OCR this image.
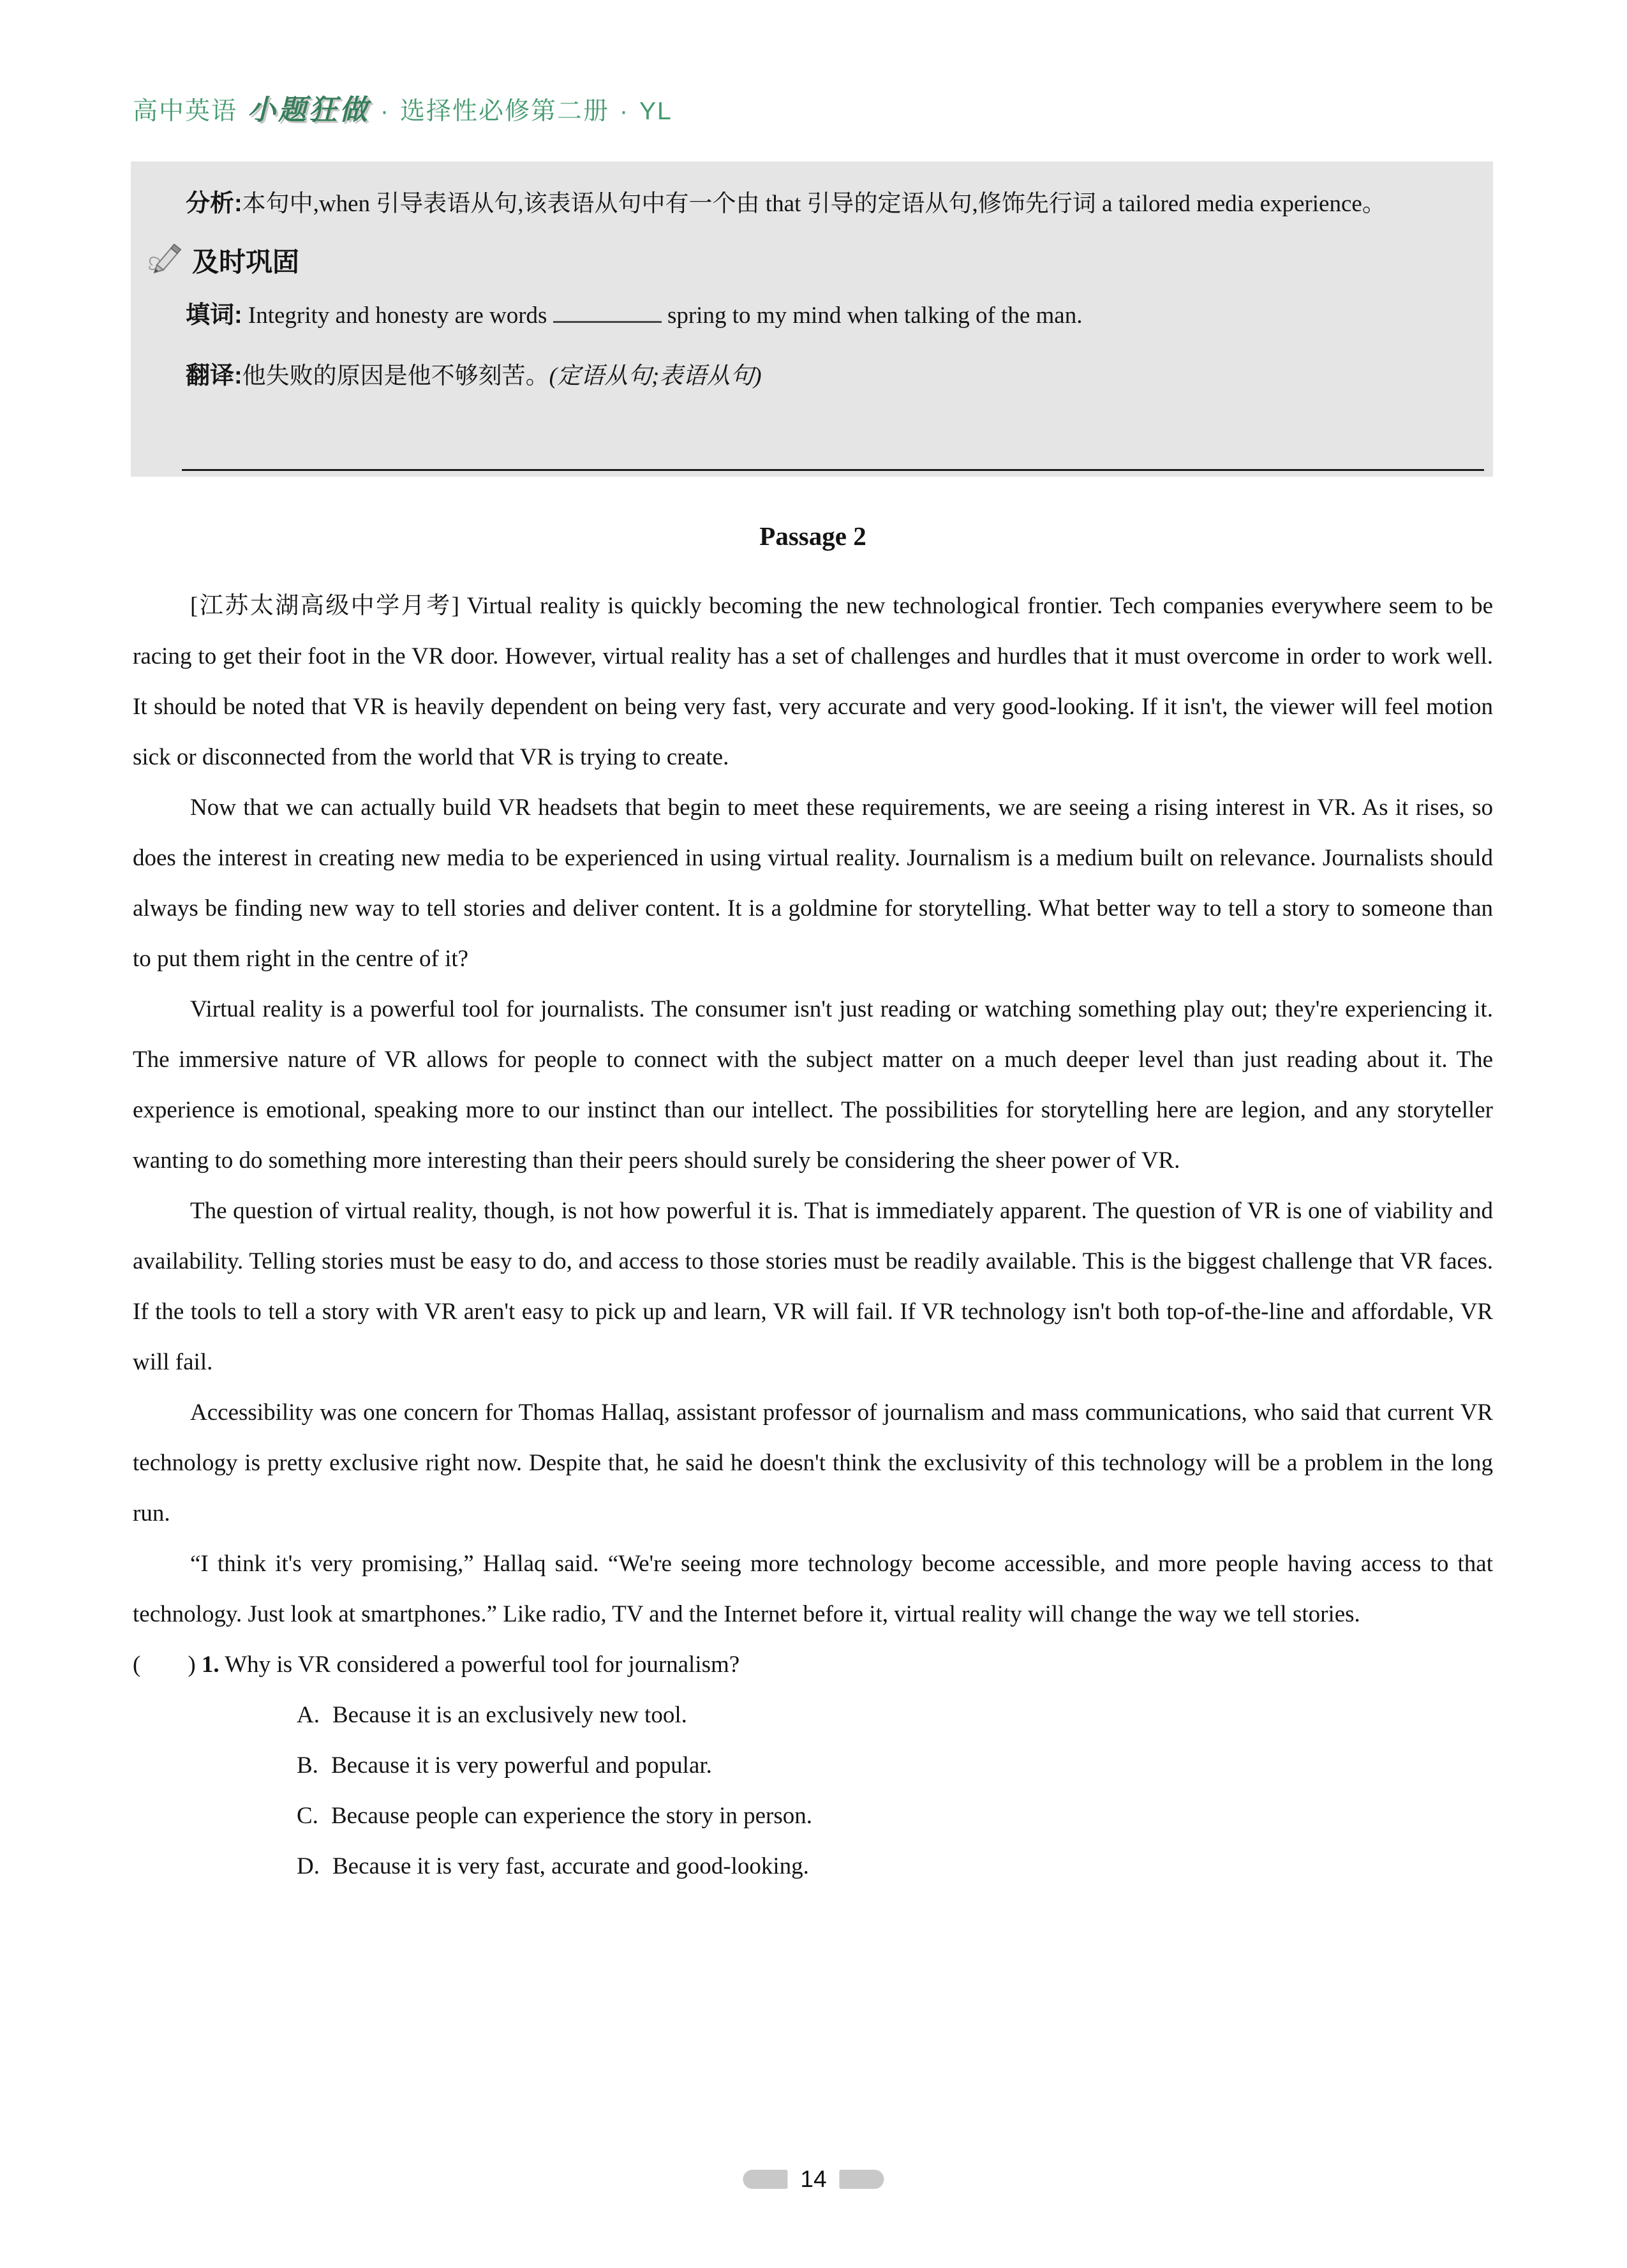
高中英语 小题狂做 · 选择性必修第二册 · YL

分析:本句中,when 引导表语从句,该表语从句中有一个由 that 引导的定语从句,修饰先行词 a tailored media experience。

及时巩固

填词: Integrity and honesty are words	spring to my mind when talking of the man.

翻译:他失败的原因是他不够刻苦。(定语从句;表语从句)

Passage 2

[江苏太湖高级中学月考] Virtual reality is quickly becoming the new technological frontier. Tech companies everywhere seem to be racing to get their foot in the VR door. However, virtual reality has a set of challenges and hurdles that it must overcome in order to work well. It should be noted that VR is heavily dependent on being very fast, very accurate and very good-looking. If it isn't, the viewer will feel motion sick or disconnected from the world that VR is trying to create.

Now that we can actually build VR headsets that begin to meet these requirements, we are seeing a rising interest in VR. As it rises, so does the interest in creating new media to be experienced in using virtual reality. Journalism is a medium built on relevance. Journalists should always be finding new way to tell stories and deliver content. It is a goldmine for storytelling. What better way to tell a story to someone than to put them right in the centre of it?

Virtual reality is a powerful tool for journalists. The consumer isn't just reading or watching something play out; they're experiencing it. The immersive nature of VR allows for people to connect with the subject matter on a much deeper level than just reading about it. The experience is emotional, speaking more to our instinct than our intellect. The possibilities for storytelling here are legion, and any storyteller wanting to do something more interesting than their peers should surely be considering the sheer power of VR.

The question of virtual reality, though, is not how powerful it is. That is immediately apparent. The question of VR is one of viability and availability. Telling stories must be easy to do, and access to those stories must be readily available. This is the biggest challenge that VR faces. If the tools to tell a story with VR aren't easy to pick up and learn, VR will fail. If VR technology isn't both top-of-the-line and affordable, VR will fail.

Accessibility was one concern for Thomas Hallaq, assistant professor of journalism and mass communications, who said that current VR technology is pretty exclusive right now. Despite that, he said he doesn't think the exclusivity of this technology will be a problem in the long run.

“I think it's very promising,” Hallaq said. “We're seeing more technology become accessible, and more people having access to that technology. Just look at smartphones.” Like radio, TV and the Internet before it, virtual reality will change the way we tell stories.

(　　) 1. Why is VR considered a powerful tool for journalism?

A. Because it is an exclusively new tool.
B. Because it is very powerful and popular.
C. Because people can experience the story in person.
D. Because it is very fast, accurate and good-looking.
14
